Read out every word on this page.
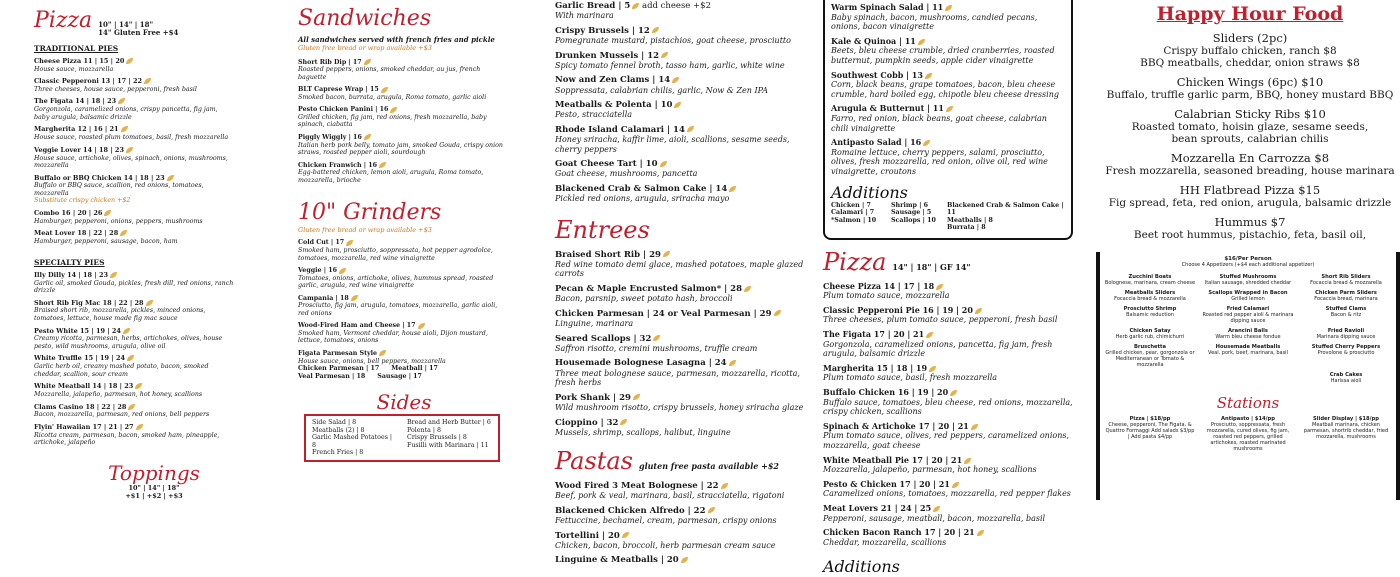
Pizza 10" | 14" | 18"
14" Gluten Free +$4
TRADITIONAL PIES
Cheese Pizza 11 | 15 | 20
House sauce, mozzarella
Classic Pepperoni 13 | 17 | 22
Three cheeses, house sauce, pepperoni, fresh basil
The Figata 14 | 18 | 23
Gorgonzola, caramelized onions, crispy pancetta, fig jam, baby arugula, balsamic drizzle
Margherita 12 | 16 | 21
House sauce, roasted plum tomatoes, basil, fresh mozzarella
Veggie Lover 14 | 18 | 23
House sauce, artichoke, olives, spinach, onions, mushrooms, mozzarella
Buffalo or BBQ Chicken 14 | 18 | 23
Buffalo or BBQ sauce, scallion, red onions, tomatoes, mozzarella
Substitute crispy chicken +$2
Combo 16 | 20 | 26
Hamburger, pepperoni, onions, peppers, mushrooms
Meat Lover 18 | 22 | 28
Hamburger, pepperoni, sausage, bacon, ham
SPECIALTY PIES
Illy Dilly 14 | 18 | 23
Garlic oil, smoked Gouda, pickles, fresh dill, red onions, ranch drizzle
Short Rib Fig Mac 18 | 22 | 28
Braised short rib, mozzarella, pickles, minced onions, tomatoes, lettuce, house made fig mac sauce
Pesto White 15 | 19 | 24
Creamy ricotta, parmesan, herbs, artichokes, olives, house pesto, wild mushrooms, arugula, olive oil
White Truffle 15 | 19 | 24
Garlic herb oil, creamy mashed potato, bacon, smoked cheddar, scallion, sour cream
White Meatball 14 | 18 | 23
Mozzarella, jalapeño, parmesan, hot honey, scallions
Clams Casino 18 | 22 | 28
Bacon, mozzarella, parmesan, red onions, bell peppers
Flyin' Hawaiian 17 | 21 | 27
Ricotta cream, parmesan, bacon, smoked ham, pineapple, artichoke, jalapeño
Toppings
10" | 14" | 18"
+$1 | +$2 | +$3
Sandwiches
All sandwiches served with french fries and pickle
Gluten free bread or wrap available +$3
Short Rib Dip | 17
Roasted peppers, onions, smoked cheddar, au jus, french baguette
BLT Caprese Wrap | 15
Smoked bacon, burrata, arugula, Roma tomato, garlic aioli
Pesto Chicken Panini | 16
Grilled chicken, fig jam, red onions, fresh mozzarella, baby spinach, ciabatta
Piggly Wiggly | 16
Italian herb pork belly, tomato jam, smoked Gouda, crispy onion straws, roasted pepper aioli, sourdough
Chicken Franwich | 16
Egg-battered chicken, lemon aioli, arugula, Roma tomato, mozzarella, brioche
10" Grinders
Gluten free bread or wrap available +$3
Cold Cut | 17
Smoked ham, prosciutto, soppressata, hot pepper agrodolce, tomatoes, mozzarella, red wine vinaigrette
Veggie | 16
Tomatoes, onions, artichoke, olives, hummus spread, roasted garlic, arugula, red wine vinaigrette
Campania | 18
Prosciutto, fig jam, arugula, tomatoes, mozzarella, garlic aioli, red onions
Wood-Fired Ham and Cheese | 17
Smoked ham, Vermont cheddar, house aioli, Dijon mustard, lettuce, tomatoes, onions
Figata Parmesan Style
House sauce, onions, bell peppers, mozzarella
Chicken Parmesan | 17 Meatball | 17
Veal Parmesan | 18 Sausage | 17
Sides
Side Salad | 8
Meatballs (2) | 8
Garlic Mashed Potatoes | 8
French Fries | 8
Bread and Herb Butter | 6
Polenta | 8
Crispy Brussels | 8
Fusilli with Marinara | 11
Garlic Bread | 5 add cheese +$2
With marinara
Crispy Brussels | 12
Pomegranate mustard, pistachios, goat cheese, prosciutto
Drunken Mussels | 12
Spicy tomato fennel broth, tasso ham, garlic, white wine
Now and Zen Clams | 14
Soppressata, calabrian chilis, garlic, Now & Zen IPA
Meatballs & Polenta | 10
Pesto, stracciatella
Rhode Island Calamari | 14
Honey sriracha, kaffir lime, aioli, scallions, sesame seeds, cherry peppers
Goat Cheese Tart | 10
Goat cheese, mushrooms, pancetta
Blackened Crab & Salmon Cake | 14
Pickled red onions, arugula, sriracha mayo
Entrees
Braised Short Rib | 29
Red wine tomato demi glace, mashed potatoes, maple glazed carrots
Pecan & Maple Encrusted Salmon* | 28
Bacon, parsnip, sweet potato hash, broccoli
Chicken Parmesan | 24 or Veal Parmesan | 29
Linguine, marinara
Seared Scallops | 32
Saffron risotto, cremini mushrooms, truffle cream
Housemade Bolognese Lasagna | 24
Three meat bolognese sauce, parmesan, mozzarella, ricotta, fresh herbs
Pork Shank | 29
Wild mushroom risotto, crispy brussels, honey sriracha glaze
Cioppino | 32
Mussels, shrimp, scallops, halibut, linguine
Pastas gluten free pasta available +$2
Wood Fired 3 Meat Bolognese | 22
Beef, pork & veal, marinara, basil, stracciatella, rigatoni
Blackened Chicken Alfredo | 22
Fettuccine, bechamel, cream, parmesan, crispy onions
Tortellini | 20
Chicken, bacon, broccoli, herb parmesan cream sauce
Linguine & Meatballs | 20
Warm Spinach Salad | 11
Baby spinach, bacon, mushrooms, candied pecans, onions, bacon vinaigrette
Kale & Quinoa | 11
Beets, bleu cheese crumble, dried cranberries, roasted butternut, pumpkin seeds, apple cider vinaigrette
Southwest Cobb | 13
Corn, black beans, grape tomatoes, bacon, bleu cheese crumble, hard boiled egg, chipotle bleu cheese dressing
Arugula & Butternut | 11
Farro, red onion, black beans, goat cheese, calabrian chili vinaigrette
Antipasto Salad | 16
Romaine lettuce, cherry peppers, salami, prosciutto, olives, fresh mozzarella, red onion, olive oil, red wine vinaigrette, croutons
Additions
Chicken | 7
Calamari | 7
*Salmon | 10
Shrimp | 6
Sausage | 5
Scallops | 10
Blackened Crab & Salmon Cake | 11
Meatballs | 8
Burrata | 8
Pizza 14" | 18" | GF 14"
Cheese Pizza 14 | 17 | 18
Plum tomato sauce, mozzarella
Classic Pepperoni Pie 16 | 19 | 20
Three cheeses, plum tomato sauce, pepperoni, fresh basil
The Figata 17 | 20 | 21
Gorgonzola, caramelized onions, pancetta, fig jam, fresh arugula, balsamic drizzle
Margherita 15 | 18 | 19
Plum tomato sauce, basil, fresh mozzarella
Buffalo Chicken 16 | 19 | 20
Buffalo sauce, tomatoes, bleu cheese, red onions, mozzarella, crispy chicken, scallions
Spinach & Artichoke 17 | 20 | 21
Plum tomato sauce, olives, red peppers, caramelized onions, mozzarella, goat cheese
White Meatball Pie 17 | 20 | 21
Mozzarella, jalapeño, parmesan, hot honey, scallions
Pesto & Chicken 17 | 20 | 21
Caramelized onions, tomatoes, mozzarella, red pepper flakes
Meat Lovers 21 | 24 | 25
Pepperoni, sausage, meatball, bacon, mozzarella, basil
Chicken Bacon Ranch 17 | 20 | 21
Cheddar, mozzarella, scallions
Additions
Happy Hour Food
Sliders (2pc)
Crispy buffalo chicken, ranch $8
BBQ meatballs, cheddar, onion straws $8
Chicken Wings (6pc) $10
Buffalo, truffle garlic parm, BBQ, honey mustard BBQ
Calabrian Sticky Ribs $10
Roasted tomato, hoisin glaze, sesame seeds,
bean sprouts, calabrian chilis
Mozzarella En Carrozza $8
Fresh mozzarella, seasoned breading, house marinara
HH Flatbread Pizza $15
Fig spread, feta, red onion, arugula, balsamic drizzle
Hummus $7
Beet root hummus, pistachio, feta, basil oil,
$16/Per Person
Choose 4 Appetizers (+$4 each additional appetizer)
Zucchini Boats
Bolognese, marinara, cream cheese
Stuffed Mushrooms
Italian sausage, shredded cheddar
Short Rib Sliders
Focaccia bread & mozzarella
Meatballs Sliders
Focaccia bread & mozzarella
Scallops Wrapped in Bacon
Grilled lemon
Chicken Parm Sliders
Focaccia bread, marinara
Prosciutto Shrimp
Balsamic reduction
Fried Calamari
Roasted red pepper aioli & marinara dipping sauce
Stuffed Clams
Bacon & ritz
Chicken Satay
Herb garlic rub, chimichurri
Arancini Balls
Warm bleu cheese fondue
Fried Ravioli
Marinara dipping sauce
Bruschetta
Grilled chicken, pear, gorgonzola or Mediterranean or Tomato & mozzarella
Housemade Meatballs
Veal, pork, beef, marinara, basil
Stuffed Cherry Peppers
Provolone & prosciutto
Crab Cakes
Harissa aioli
Stations
Pizza | $18/pp
Cheese, pepperoni, The Figata, & Quattro Formaggi Add salads $3/pp | Add pasta $4/pp
Antipasto | $14/pp
Prosciutto, soppressata, fresh mozzarella, cured olives, fig jam, roasted red peppers, grilled artichokes, roasted marinated mushrooms
Slider Display | $18/pp
Meatball marinara, chicken parmesan, shortrib cheddar, fried mozzarella, mushrooms
